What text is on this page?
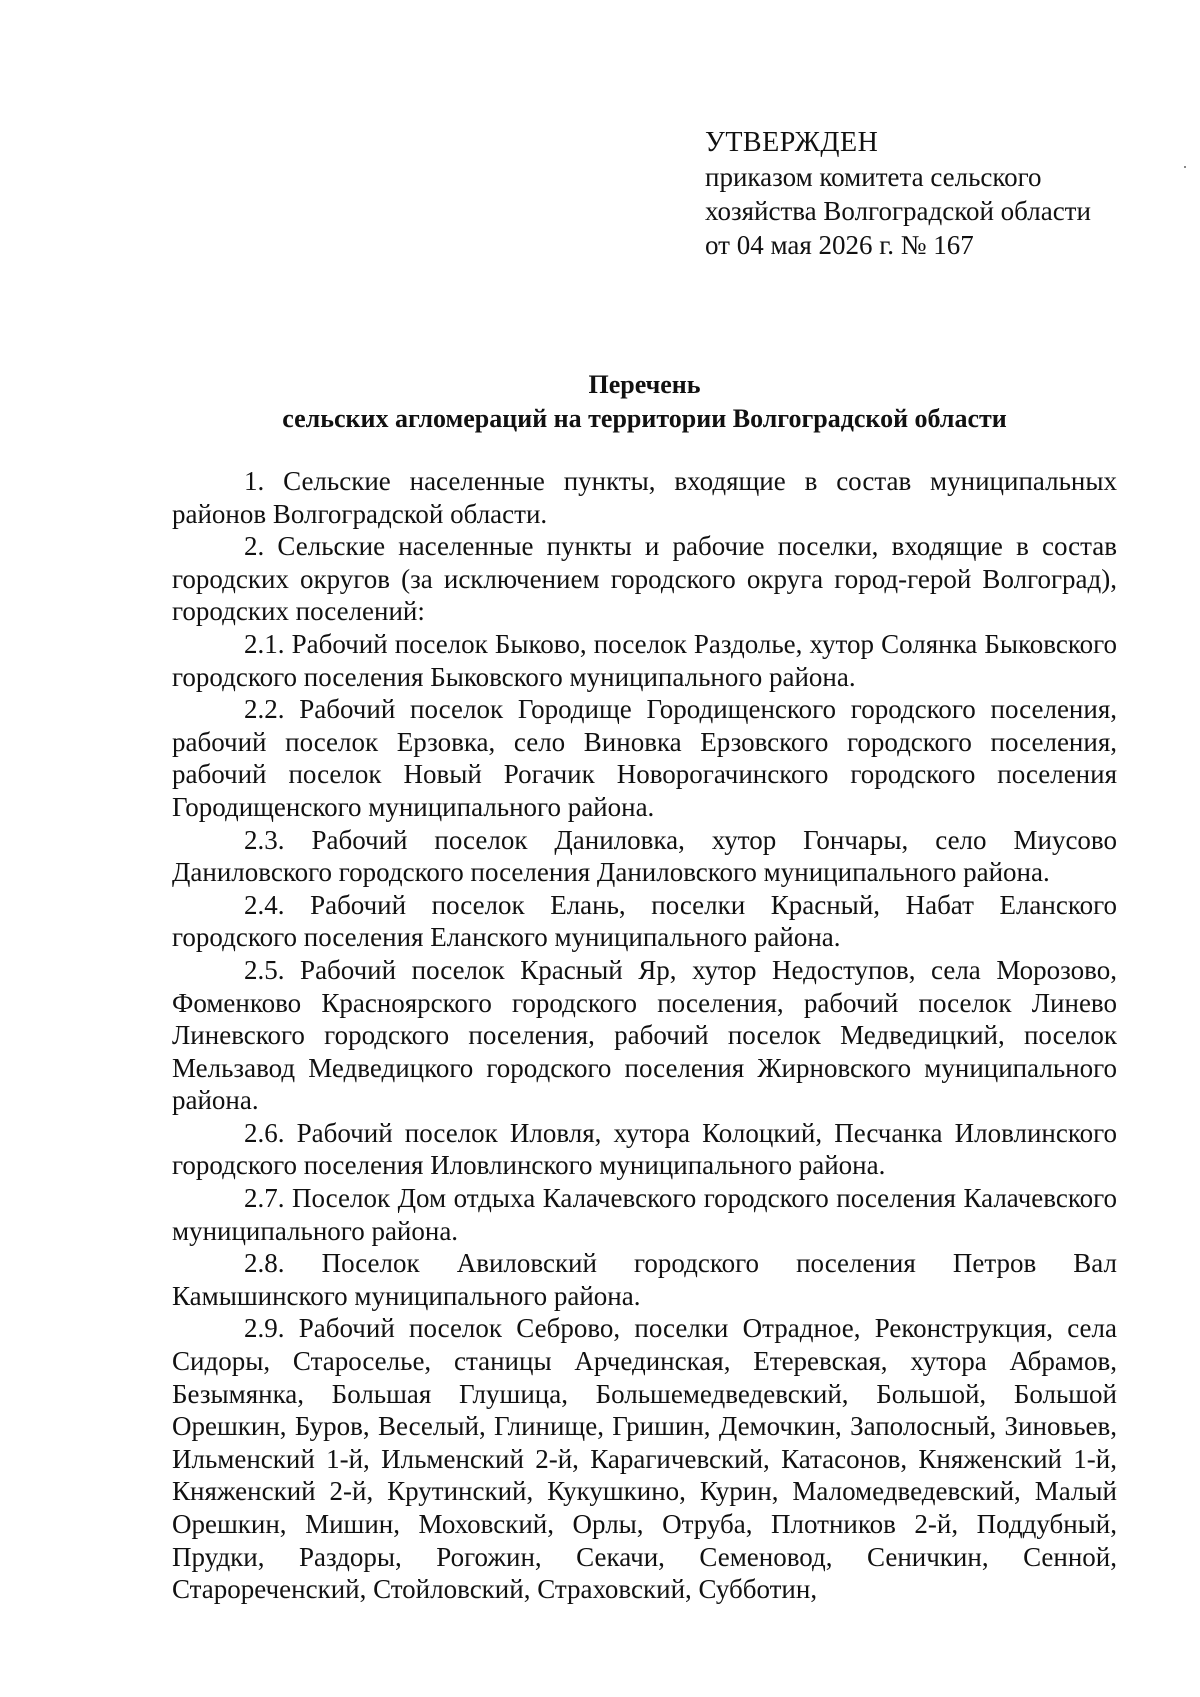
УТВЕРЖДЕН
приказом комитета сельского
хозяйства Волгоградской области
от 04 мая 2026 г. № 167
Перечень
сельских агломераций на территории Волгоградской области

1. Сельские населенные пункты, входящие в состав муниципальных районов Волгоградской области.

2. Сельские населенные пункты и рабочие поселки, входящие в состав городских округов (за исключением городского округа город-герой Волгоград), городских поселений:

2.1. Рабочий поселок Быково, поселок Раздолье, хутор Солянка Быковского городского поселения Быковского муниципального района.

2.2. Рабочий поселок Городище Городищенского городского поселения, рабочий поселок Ерзовка, село Виновка Ерзовского городского поселения, рабочий поселок Новый Рогачик Новорогачинского городского поселения Городищенского муниципального района.

2.3. Рабочий поселок Даниловка, хутор Гончары, село Миусово Даниловского городского поселения Даниловского муниципального района.

2.4. Рабочий поселок Елань, поселки Красный, Набат Еланского городского поселения Еланского муниципального района.

2.5. Рабочий поселок Красный Яр, хутор Недоступов, села Морозово, Фоменково Краснoярского городского поселения, рабочий поселок Линево Линевского городского поселения, рабочий поселок Медведицкий, поселок Мельзавод Медведицкого городского поселения Жирновского муниципального района.

2.6. Рабочий поселок Иловля, хутора Колоцкий, Песчанка Иловлинского городского поселения Иловлинского муниципального района.

2.7. Поселок Дом отдыха Калачевского городского поселения Калачевского муниципального района.

2.8. Поселок Авиловский городского поселения Петров Вал Камышинского муниципального района.

2.9. Рабочий поселок Себрово, поселки Отрадное, Реконструкция, села Сидоры, Староселье, станицы Арчединская, Етеревская, хутора Абрамов, Безымянка, Большая Глушица, Большемедведевский, Большой, Большой Орешкин, Буров, Веселый, Глинище, Гришин, Демочкин, Заполосный, Зиновьев, Ильменский 1-й, Ильменский 2-й, Карагичевский, Катасонов, Княженский 1-й, Княженский 2-й, Крутинский, Кукушкино, Курин, Маломедведевский, Малый Орешкин, Мишин, Моховский, Орлы, Отруба, Плотников 2-й, Поддубный, Прудки, Раздоры, Рогожин, Секачи, Семеновод, Сеничкин, Сенной, Старореченский, Стойловский, Страховский, Субботин,
